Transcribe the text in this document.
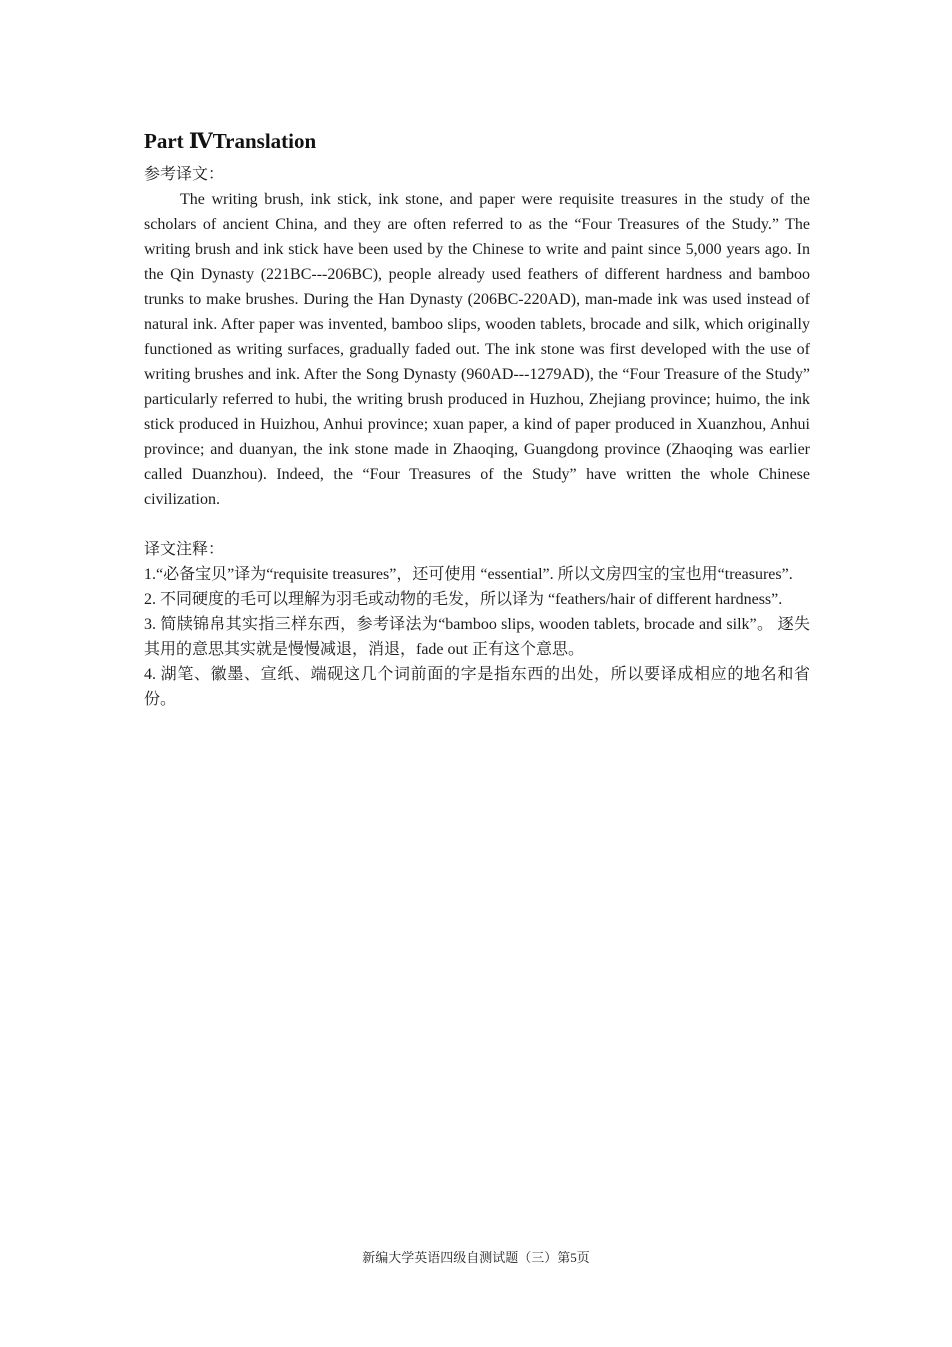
Part ⅣTranslation

参考译文：

The writing brush, ink stick, ink stone, and paper were requisite treasures in the study of the scholars of ancient China, and they are often referred to as the “Four Treasures of the Study.” The writing brush and ink stick have been used by the Chinese to write and paint since 5,000 years ago. In the Qin Dynasty (221BC---206BC), people already used feathers of different hardness and bamboo trunks to make brushes. During the Han Dynasty (206BC-220AD), man-made ink was used instead of natural ink. After paper was invented, bamboo slips, wooden tablets, brocade and silk, which originally functioned as writing surfaces, gradually faded out. The ink stone was first developed with the use of writing brushes and ink. After the Song Dynasty (960AD---1279AD), the “Four Treasure of the Study” particularly referred to hubi, the writing brush produced in Huzhou, Zhejiang province; huimo, the ink stick produced in Huizhou, Anhui province; xuan paper, a kind of paper produced in Xuanzhou, Anhui province; and duanyan, the ink stone made in Zhaoqing, Guangdong province (Zhaoqing was earlier called Duanzhou). Indeed, the “Four Treasures of the Study” have written the whole Chinese civilization.

译文注释：

1.“必备宝贝”译为“requisite treasures”，还可使用 “essential”. 所以文房四宝的宝也用“treasures”.

2. 不同硬度的毛可以理解为羽毛或动物的毛发，所以译为 “feathers/hair of different hardness”.

3. 简牍锦帛其实指三样东西，参考译法为“bamboo slips, wooden tablets, brocade and silk”。 逐失其用的意思其实就是慢慢减退，消退，fade out 正有这个意思。

4. 湖笔、徽墨、宣纸、端砚这几个词前面的字是指东西的出处，所以要译成相应的地名和省份。

新编大学英语四级自测试题（三）第5页
